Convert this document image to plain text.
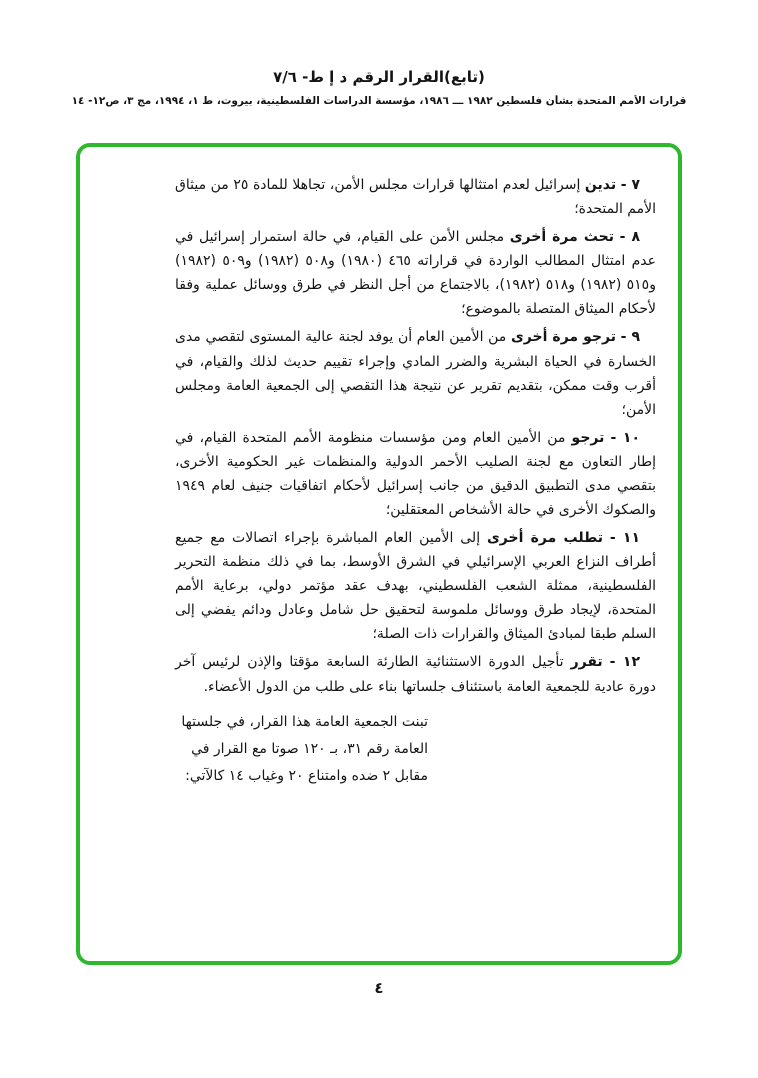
(تابع)القرار الرقم د إ ط- ٧/٦
قرارات الأمم المتحدة بشأن فلسطين ١٩٨٢ ـــ ١٩٨٦، مؤسسة الدراسات الفلسطينية، بيروت، ط ١، ١٩٩٤، مج ٣، ص١٢- ١٤

٧ - تدين إسرائيل لعدم امتثالها قرارات مجلس الأمن، تجاهلا للمادة ٢٥ من ميثاق الأمم المتحدة؛

٨ - تحث مرة أخرى مجلس الأمن على القيام، في حالة استمرار إسرائيل في عدم امتثال المطالب الواردة في قراراته ٤٦٥ (١٩٨٠) و٥٠٨ (١٩٨٢) و٥٠٩ (١٩٨٢) و٥١٥ (١٩٨٢) و٥١٨ (١٩٨٢)، بالاجتماع من أجل النظر في طرق ووسائل عملية وفقا لأحكام الميثاق المتصلة بالموضوع؛

٩ - ترجو مرة أخرى من الأمين العام أن يوفد لجنة عالية المستوى لتقصي مدى الخسارة في الحياة البشرية والضرر المادي وإجراء تقييم حديث لذلك والقيام، في أقرب وقت ممكن، بتقديم تقرير عن نتيجة هذا التقصي إلى الجمعية العامة ومجلس الأمن؛

١٠ - ترجو من الأمين العام ومن مؤسسات منظومة الأمم المتحدة القيام، في إطار التعاون مع لجنة الصليب الأحمر الدولية والمنظمات غير الحكومية الأخرى، بتقصي مدى التطبيق الدقيق من جانب إسرائيل لأحكام اتفاقيات جنيف لعام ١٩٤٩ والصكوك الأخرى في حالة الأشخاص المعتقلين؛

١١ - تطلب مرة أخرى إلى الأمين العام المباشرة بإجراء اتصالات مع جميع أطراف النزاع العربي الإسرائيلي في الشرق الأوسط، بما في ذلك منظمة التحرير الفلسطينية، ممثلة الشعب الفلسطيني، بهدف عقد مؤتمر دولي، برعاية الأمم المتحدة، لإيجاد طرق ووسائل ملموسة لتحقيق حل شامل وعادل ودائم يفضي إلى السلم طبقا لمبادئ الميثاق والقرارات ذات الصلة؛

١٢ - تقرر تأجيل الدورة الاستثنائية الطارئة السابعة مؤقتا والإذن لرئيس آخر دورة عادية للجمعية العامة باستئناف جلساتها بناء على طلب من الدول الأعضاء.

تبنت الجمعية العامة هذا القرار، في جلستها العامة رقم ٣١، بـ ١٢٠ صوتا مع القرار في مقابل ٢ ضده وامتناع ٢٠ وغياب ١٤ كالآتي:

٤
